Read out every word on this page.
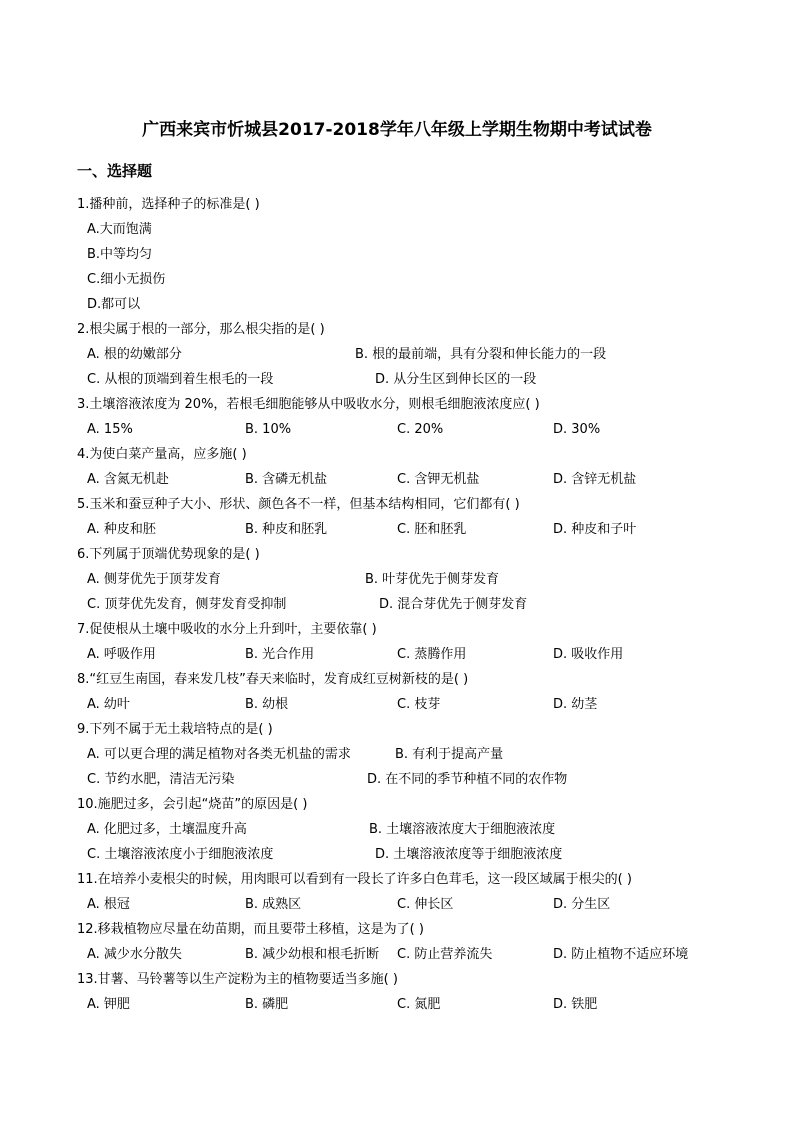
广西来宾市忻城县2017-2018学年八年级上学期生物期中考试试卷
一、选择题
1.播种前，选择种子的标准是( )
A.大而饱满
B.中等均匀
C.细小无损伤
D.都可以
2.根尖属于根的一部分，那么根尖指的是( )
A. 根的幼嫩部分	B. 根的最前端，具有分裂和伸长能力的一段
C. 从根的顶端到着生根毛的一段	D. 从分生区到伸长区的一段
3.土壤溶液浓度为 20%，若根毛细胞能够从中吸收水分，则根毛细胞液浓度应( )
A. 15%	B. 10%	C. 20%	D. 30%
4.为使白菜产量高，应多施( )
A. 含氮无机赴	B. 含磷无机盐	C. 含钾无机盐	D. 含锌无机盐
5.玉米和蚕豆种子大小、形状、颜色各不一样，但基本结构相同，它们都有( )
A. 种皮和胚	B. 种皮和胚乳	C. 胚和胚乳	D. 种皮和子叶
6.下列属于顶端优势现象的是( )
A. 侧芽优先于顶芽发育	B. 叶芽优先于侧芽发育
C. 顶芽优先发育，侧芽发育受抑制	D. 混合芽优先于侧芽发育
7.促使根从土壤中吸收的水分上升到叶，主要依靠( )
A. 呼吸作用	B. 光合作用	C. 蒸腾作用	D. 吸收作用
8.“红豆生南国，春来发几枝”春天来临时，发育成红豆树新枝的是( )
A. 幼叶	B. 幼根	C. 枝芽	D. 幼茎
9.下列不属于无土栽培特点的是( )
A. 可以更合理的满足植物对各类无机盐的需求	B. 有利于提高产量
C. 节约水肥，清洁无污染	D. 在不同的季节种植不同的农作物
10.施肥过多，会引起“烧苗”的原因是( )
A. 化肥过多，土壤温度升高	B. 土壤溶液浓度大于细胞液浓度
C. 土壤溶液浓度小于细胞液浓度	D. 土壤溶液浓度等于细胞液浓度
11.在培养小麦根尖的时候，用肉眼可以看到有一段长了许多白色茸毛，这一段区域属于根尖的( )
A. 根冠	B. 成熟区	C. 伸长区	D. 分生区
12.移栽植物应尽量在幼苗期，而且要带土移植，这是为了( )
A. 减少水分散失	B. 减少幼根和根毛折断 C. 防止营养流失	D. 防止植物不适应环境
13.甘薯、马铃薯等以生产淀粉为主的植物要适当多施( )
A. 钾肥	B. 磷肥	C. 氮肥	D. 铁肥
